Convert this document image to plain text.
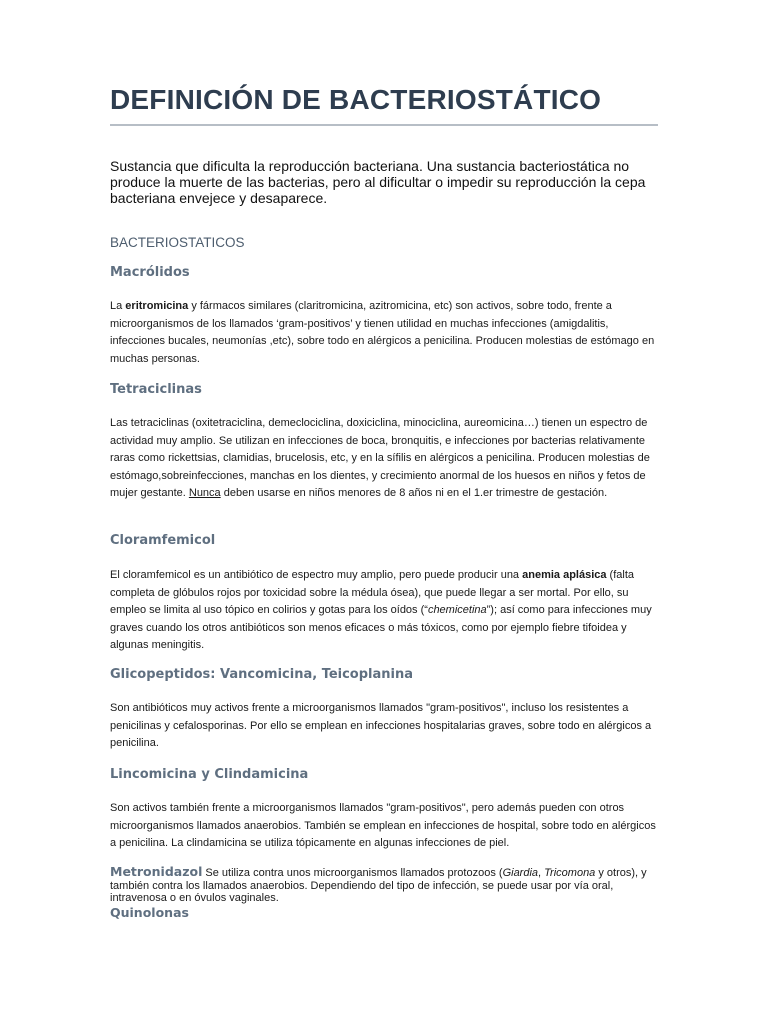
DEFINICIÓN DE BACTERIOSTÁTICO

Sustancia que dificulta la reproducción bacteriana. Una sustancia bacteriostática no produce la muerte de las bacterias, pero al dificultar o impedir su reproducción la cepa bacteriana envejece y desaparece.

BACTERIOSTATICOS
Macrólidos

La eritromicina y fármacos similares (claritromicina, azitromicina, etc) son activos, sobre todo, frente a microorganismos de los llamados ‘gram-positivos’ y tienen utilidad en muchas infecciones (amigdalitis, infecciones bucales, neumonías ,etc), sobre todo en alérgicos a penicilina. Producen molestias de estómago en muchas personas.

Tetraciclinas

Las tetraciclinas (oxitetraciclina, demeclociclina, doxiciclina, minociclina, aureomicina…) tienen un espectro de actividad muy amplio. Se utilizan en infecciones de boca, bronquitis, e infecciones por bacterias relativamente raras como rickettsias, clamidias, brucelosis, etc, y en la sífilis en alérgicos a penicilina. Producen molestias de estómago,sobreinfecciones, manchas en los dientes, y crecimiento anormal de los huesos en niños y fetos de mujer gestante. Nunca deben usarse en niños menores de 8 años ni en el 1.er trimestre de gestación.

Cloramfemicol

El cloramfemicol es un antibiótico de espectro muy amplio, pero puede producir una anemia aplásica (falta completa de glóbulos rojos por toxicidad sobre la médula ósea), que puede llegar a ser mortal. Por ello, su empleo se limita al uso tópico en colirios y gotas para los oídos (“chemicetina”); así como para infecciones muy graves cuando los otros antibióticos son menos eficaces o más tóxicos, como por ejemplo fiebre tifoidea y algunas meningitis.

Glicopeptidos: Vancomicina, Teicoplanina

Son antibióticos muy activos frente a microorganismos llamados "gram-positivos", incluso los resistentes a penicilinas y cefalosporinas. Por ello se emplean en infecciones hospitalarias graves, sobre todo en alérgicos a penicilina.

Lincomicina y Clindamicina

Son activos también frente a microorganismos llamados "gram-positivos", pero además pueden con otros microorganismos llamados anaerobios. También se emplean en infecciones de hospital, sobre todo en alérgicos a penicilina. La clindamicina se utiliza tópicamente en algunas infecciones de piel.

Metronidazol Se utiliza contra unos microorganismos llamados protozoos (Giardia, Tricomona y otros), y también contra los llamados anaerobios. Dependiendo del tipo de infección, se puede usar por vía oral, intravenosa o en óvulos vaginales.

Quinolonas
